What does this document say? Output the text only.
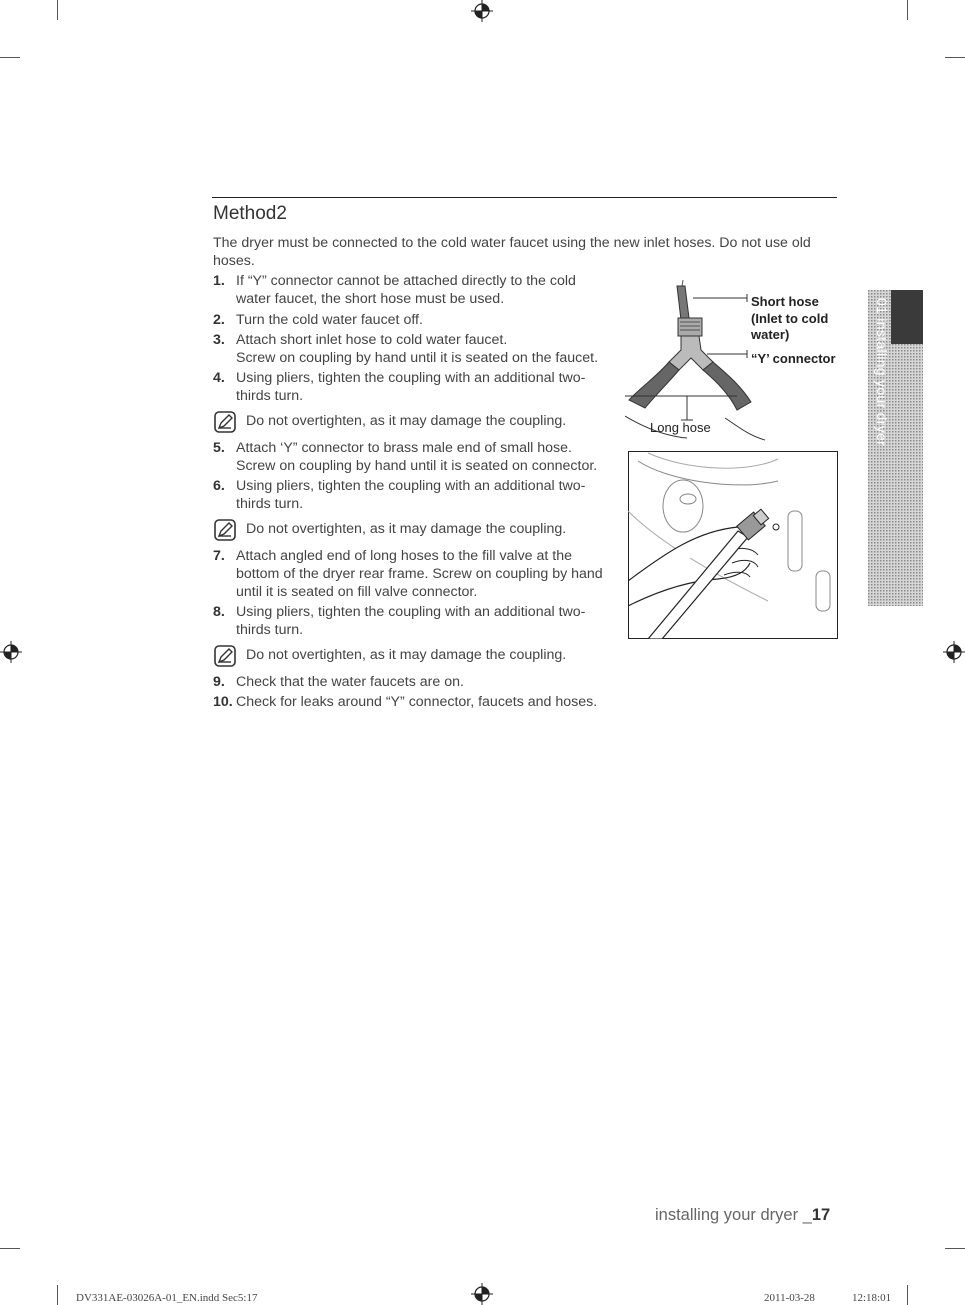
Method2
The dryer must be connected to the cold water faucet using the new inlet hoses. Do not use old hoses.
1. If “Y” connector cannot be attached directly to the cold
water faucet, the short hose must be used.
2. Turn the cold water faucet off.
3. Attach short inlet hose to cold water faucet.
Screw on coupling by hand until it is seated on the faucet.
4. Using pliers, tighten the coupling with an additional two-
thirds turn.
Do not overtighten, as it may damage the coupling.
5. Attach ‘Y” connector to brass male end of small hose.
Screw on coupling by hand until it is seated on connector.
6. Using pliers, tighten the coupling with an additional two-
thirds turn.
Do not overtighten, as it may damage the coupling.
7. Attach angled end of long hoses to the fill valve at the
bottom of the dryer rear frame. Screw on coupling by hand
until it is seated on fill valve connector.
8. Using pliers, tighten the coupling with an additional two-
thirds turn.
Do not overtighten, as it may damage the coupling.
9. Check that the water faucets are on.
10. Check for leaks around “Y” connector, faucets and hoses.
Short hose
(Inlet to cold
water)
“Y’ connector
Long hose	01 installing your dryer
installing your dryer _17
DV331AE-03026A-01_EN.indd Sec5:17	2011-03-28	12:18:01
